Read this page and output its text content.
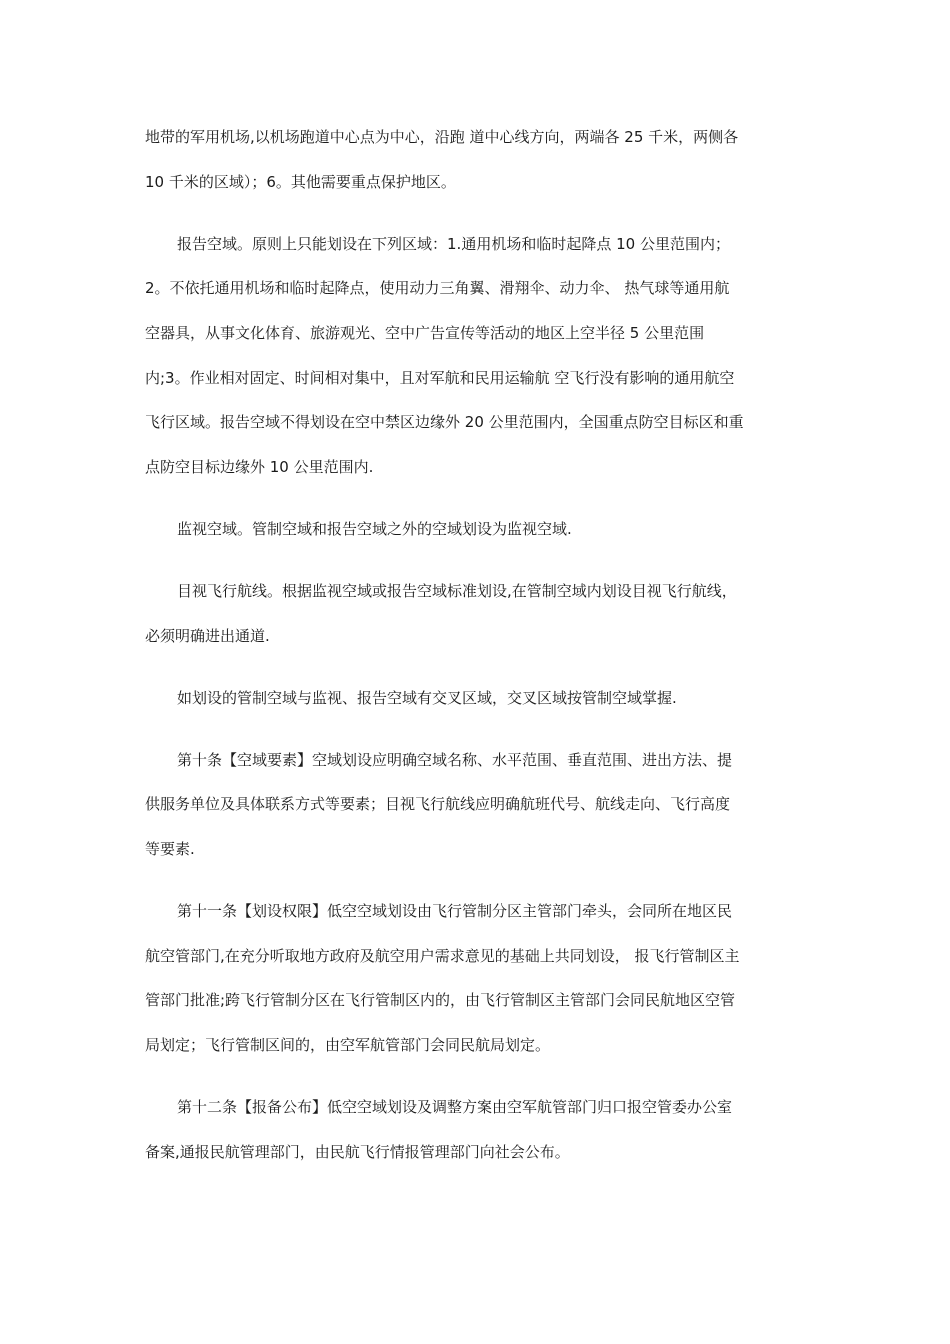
地带的军用机场,以机场跑道中心点为中心，沿跑 道中心线方向，两端各 25 千米，两侧各

10 千米的区域）；6。其他需要重点保护地区。

报告空域。原则上只能划设在下列区域：1.通用机场和临时起降点 10 公里范围内；

2。不依托通用机场和临时起降点，使用动力三角翼、滑翔伞、动力伞、 热气球等通用航

空器具，从事文化体育、旅游观光、空中广告宣传等活动的地区上空半径 5 公里范围

内;3。作业相对固定、时间相对集中，且对军航和民用运输航 空飞行没有影响的通用航空

飞行区域。报告空域不得划设在空中禁区边缘外 20 公里范围内，全国重点防空目标区和重

点防空目标边缘外 10 公里范围内.

监视空域。管制空域和报告空域之外的空域划设为监视空域.

目视飞行航线。根据监视空域或报告空域标准划设,在管制空域内划设目视飞行航线，

必须明确进出通道.

如划设的管制空域与监视、报告空域有交叉区域，交叉区域按管制空域掌握.

第十条【空域要素】空域划设应明确空域名称、水平范围、垂直范围、进出方法、提

供服务单位及具体联系方式等要素；目视飞行航线应明确航班代号、航线走向、飞行高度

等要素.

第十一条【划设权限】低空空域划设由飞行管制分区主管部门牵头，会同所在地区民

航空管部门,在充分听取地方政府及航空用户需求意见的基础上共同划设， 报飞行管制区主

管部门批准;跨飞行管制分区在飞行管制区内的，由飞行管制区主管部门会同民航地区空管

局划定；飞行管制区间的，由空军航管部门会同民航局划定。

第十二条【报备公布】低空空域划设及调整方案由空军航管部门归口报空管委办公室

备案,通报民航管理部门，由民航飞行情报管理部门向社会公布。
